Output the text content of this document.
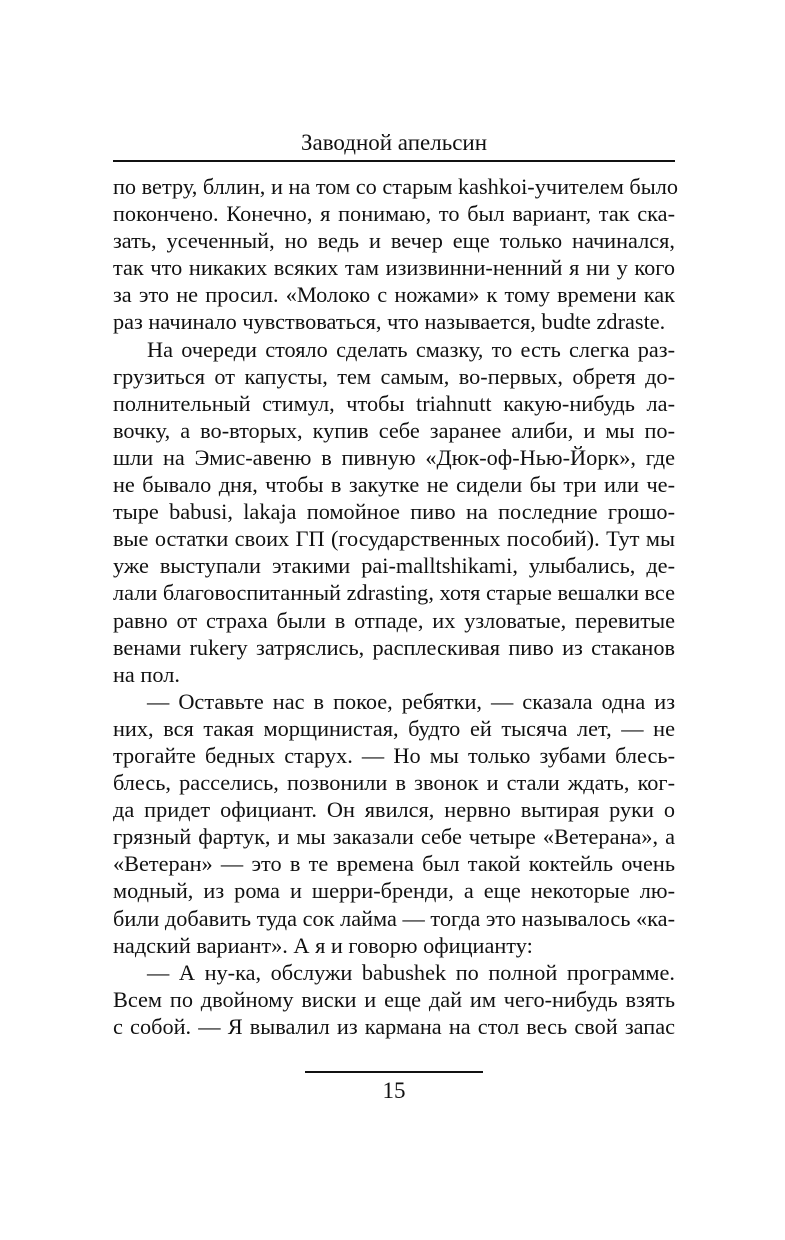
Заводной апельсин
по ветру, бллин, и на том со старым kashkoi-учителем было
покончено. Конечно, я понимаю, то был вариант, так ска-
зать, усеченный, но ведь и вечер еще только начинался,
так что никаких всяких там изизвинни-ненний я ни у кого
за это не просил. «Молоко с ножами» к тому времени как
раз начинало чувствоваться, что называется, budte zdraste.
На очереди стояло сделать смазку, то есть слегка раз-
грузиться от капусты, тем самым, во-первых, обретя до-
полнительный стимул, чтобы triahnutt какую-нибудь ла-
вочку, а во-вторых, купив себе заранее алиби, и мы по-
шли на Эмис-авеню в пивную «Дюк-оф-Нью-Йорк», где
не бывало дня, чтобы в закутке не сидели бы три или че-
тыре babusi, lakaja помойное пиво на последние грошо-
вые остатки своих ГП (государственных пособий). Тут мы
уже выступали этакими pai-malltshikami, улыбались, де-
лали благовоспитанный zdrasting, хотя старые вешалки все
равно от страха были в отпаде, их узловатые, перевитые
венами rukery затряслись, расплескивая пиво из стаканов
на пол.
— Оставьте нас в покое, ребятки, — сказала одна из
них, вся такая морщинистая, будто ей тысяча лет, — не
трогайте бедных старух. — Но мы только зубами блесь-
блесь, расселись, позвонили в звонок и стали ждать, ког-
да придет официант. Он явился, нервно вытирая руки о
грязный фартук, и мы заказали себе четыре «Ветерана», а
«Ветеран» — это в те времена был такой коктейль очень
модный, из рома и шерри-бренди, а еще некоторые лю-
били добавить туда сок лайма — тогда это называлось «ка-
надский вариант». А я и говорю официанту:
— А ну-ка, обслужи babushek по полной программе.
Всем по двойному виски и еще дай им чего-нибудь взять
с собой. — Я вывалил из кармана на стол весь свой запас
15
